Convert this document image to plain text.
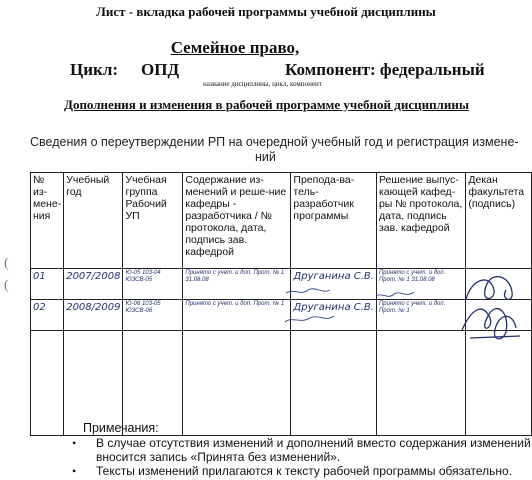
Лист - вкладка рабочей программы учебной дисциплины
Семейное право,
Цикл: ОПД	Компонент: федеральный
название дисциплины, цикл, компонент
Дополнения и изменения в рабочей программе учебной дисциплины
Сведения о переутверждении РП на очередной учебный год и регистрация измене-
ний
№ из-мене-ния	Учебный год	Учебная группа Рабочий УП	Содержание из-менений и реше-ние кафедры - разработчика / № протокола, дата, подпись зав. кафедрой	Препода-ва-тель-разработчик программы	Решение выпус-кающей кафед-ры № протокола, дата, подпись зав. кафедрой	Декан факультета (подпись)
01	2007/2008	Ю-05 103-04 ЮЗСВ-05	Принято с учет. и доп. Прот. № 1 31.08.08	Друганина С.В.	Принято с учет. и доп. Прот. № 1 31.08.08	

02	2008/2009	Ю-06 103-05 ЮЗСВ-06	Принято с учет. и доп. Прот. № 1	Друганина С.В.	Принято с учет. и доп. Прот. № 1	

(
(
Примечания:
• В случае отсутствия изменений и дополнений вместо содержания изменений
вносится запись «Принята без изменений».
• Тексты изменений прилагаются к тексту рабочей программы обязательно.
